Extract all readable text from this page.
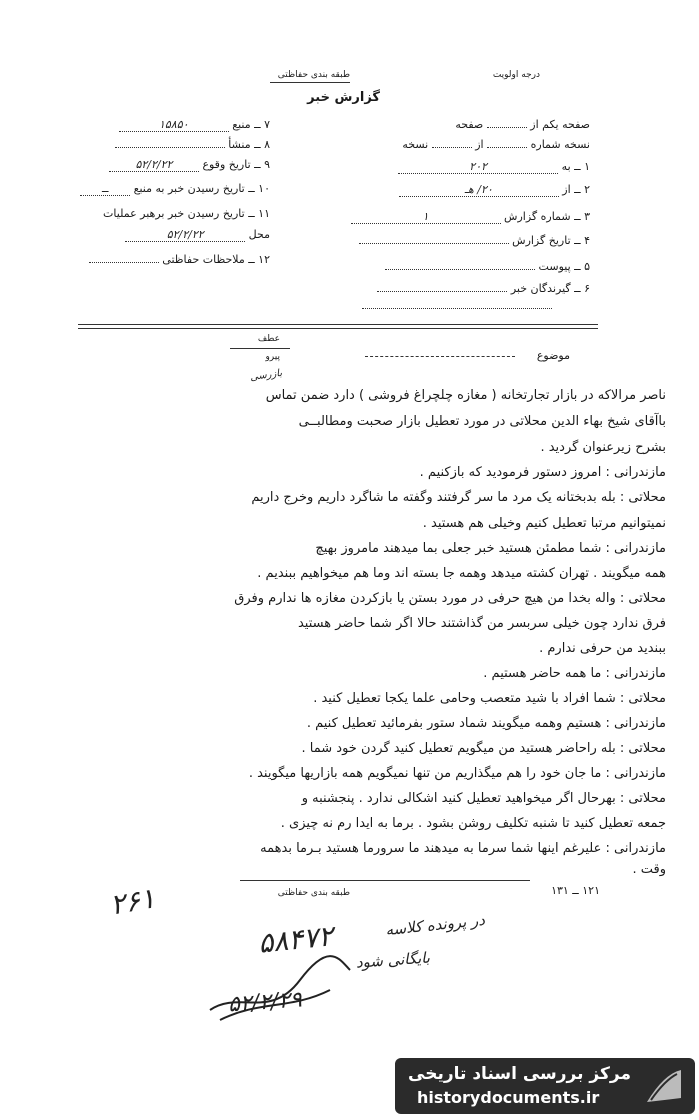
طبقه بندی حفاظتی	درجه اولویت
گزارش خبر
۷ ــ منبع ۱۵۸۵۰
۸ ــ منشأ
۹ ــ تاریخ وقوع ۵۲/۲/۲۲
۱۰ ــ تاریخ رسیدن خبر به منبع ــ
۱۱ ــ تاریخ رسیدن خبر برهبر عملیات
محل ۵۲/۲/۲۲
۱۲ ــ ملاحظات حفاظتی
صفحه یکم از  صفحه
نسخه شماره  از  نسخه
۱ ــ به ۲۰۲
۲ ــ از ۲۰/ هـ
۳ ــ شماره گزارش ۱
۴ ــ تاریخ گزارش
۵ ــ پیوست
۶ ــ گیرندگان خبر
موضوع
عطف
پیرو
بازرسی
ناصر مرالاکه در بازار تجارتخانه ( مغازه چلچراغ فروشی ) دارد ضمن تماس
باآقای شیخ بهاء الدین محلاتی در مورد تعطیل بازار صحبت ومطالبــی
بشرح زیرعنوان گردید .
مازندرانی : امروز دستور فرمودید که بازکنیم .
محلاتی : بله بدبختانه یک مرد ما سر گرفتند وگفته ما شاگرد داریم وخرج داریم
نمیتوانیم مرتبا تعطیل کنیم وخیلی هم هستید .
مازندرانی : شما مطمئن هستید خبر جعلی بما میدهند مامروز بهیچ
همه میگویند . تهران کشته میدهد وهمه جا بسته اند وما هم میخواهیم ببندیم .
محلاتی : واله بخدا من هیچ حرفی در مورد بستن یا بازکردن مغازه ها ندارم وفرق
فرق ندارد چون خیلی سربسر من گذاشتند حالا اگر شما حاضر هستید
ببندید من حرفی ندارم .
مازندرانی : ما همه حاضر هستیم .
محلاتی : شما افراد با شید متعصب وحامی علما یکجا تعطیل کنید .
مازندرانی : هستیم وهمه میگویند شماد ستور بفرمائید تعطیل کنیم .
محلاتی : بله راحاضر هستید من میگویم تعطیل کنید گردن خود شما .
مازندرانی : ما جان خود را هم میگذاریم من تنها نمیگویم همه بازاریها میگویند .
محلاتی : بهرحال اگر میخواهید تعطیل کنید اشکالی ندارد . پنجشنبه و
جمعه تعطیل کنید تا شنبه تکلیف روشن بشود . برما به ایدا رم نه چیزی .
مازندرانی : علیرغم اینها شما سرما به میدهند ما سرورما هستید بـرما بدهمه
وقت .
۱۲۱ ــ ۱۳۱
طبقه بندی حفاظتی
۲۶۱
در پرونده کلاسه
۵۸۴۷۲
بایگانی شود
۵۲/۲/۲۹
مرکز بررسی اسناد تاریخی
historydocuments.ir
